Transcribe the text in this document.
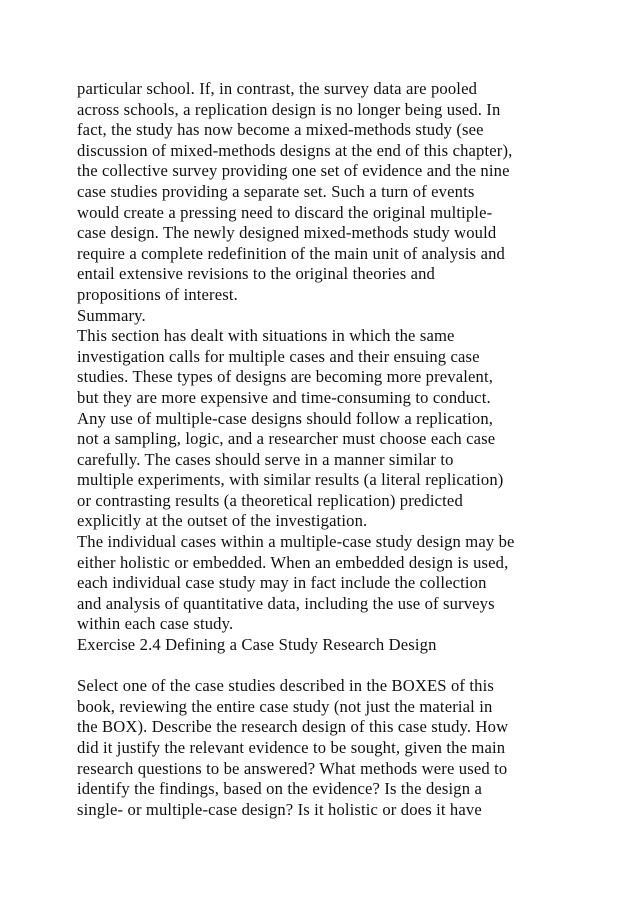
particular school. If, in contrast, the survey data are pooled
across schools, a replication design is no longer being used. In
fact, the study has now become a mixed-methods study (see
discussion of mixed-methods designs at the end of this chapter),
the collective survey providing one set of evidence and the nine
case studies providing a separate set. Such a turn of events
would create a pressing need to discard the original multiple-
case design. The newly designed mixed-methods study would
require a complete redefinition of the main unit of analysis and
entail extensive revisions to the original theories and
propositions of interest.
Summary.
This section has dealt with situations in which the same
investigation calls for multiple cases and their ensuing case
studies. These types of designs are becoming more prevalent,
but they are more expensive and time-consuming to conduct.
Any use of multiple-case designs should follow a replication,
not a sampling, logic, and a researcher must choose each case
carefully. The cases should serve in a manner similar to
multiple experiments, with similar results (a literal replication)
or contrasting results (a theoretical replication) predicted
explicitly at the outset of the investigation.
The individual cases within a multiple-case study design may be
either holistic or embedded. When an embedded design is used,
each individual case study may in fact include the collection
and analysis of quantitative data, including the use of surveys
within each case study.
Exercise 2.4 Defining a Case Study Research Design
Select one of the case studies described in the BOXES of this
book, reviewing the entire case study (not just the material in
the BOX). Describe the research design of this case study. How
did it justify the relevant evidence to be sought, given the main
research questions to be answered? What methods were used to
identify the findings, based on the evidence? Is the design a
single- or multiple-case design? Is it holistic or does it have
